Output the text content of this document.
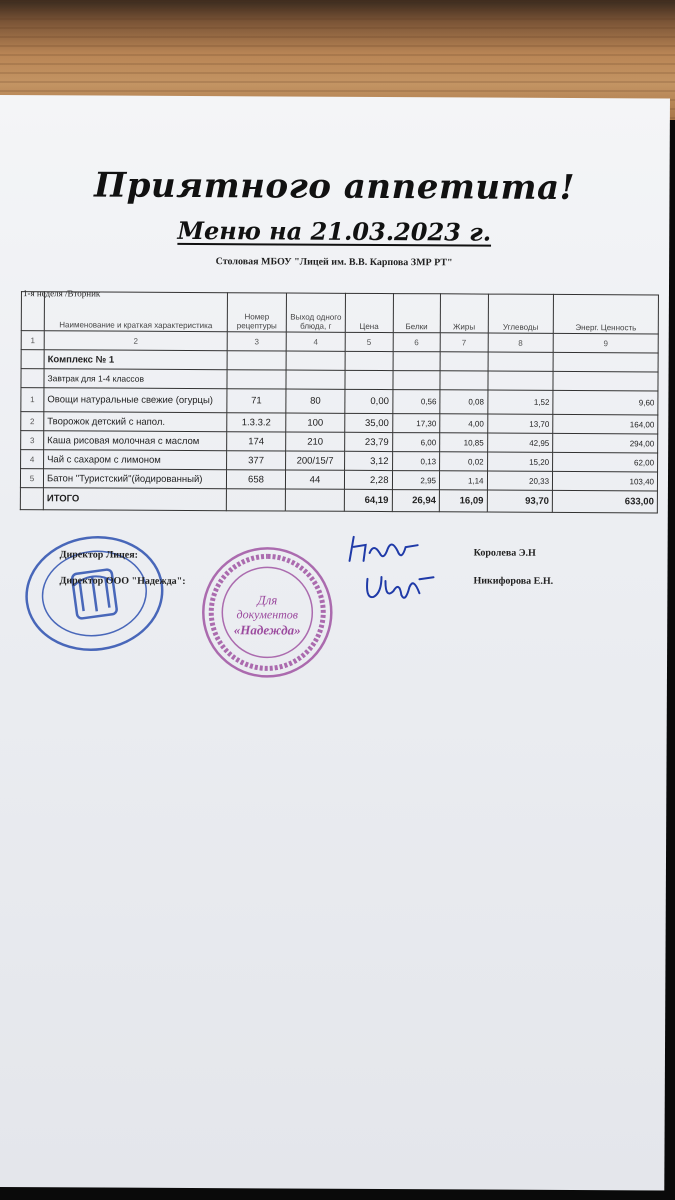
Приятного аппетита!
Меню на 21.03.2023 г.
Столовая МБОУ "Лицей им. В.В. Карпова ЗМР РТ"
1-я неделя /Вторник
	Наименование и краткая характеристика	Номер рецептуры	Выход одного блюда, г	Цена	Белки	Жиры	Углеводы	Энерг. Ценность
1	2	3	4	5	6	7	8	9
	Комплекс № 1							
	Завтрак для 1-4 классов							
1	Овощи натуральные свежие (огурцы)	71	80	0,00	0,56	0,08	1,52	9,60
2	Творожок детский с напол.	1.3.3.2	100	35,00	17,30	4,00	13,70	164,00
3	Каша рисовая молочная с маслом	174	210	23,79	6,00	10,85	42,95	294,00
4	Чай с сахаром с лимоном	377	200/15/7	3,12	0,13	0,02	15,20	62,00
5	Батон "Туристский"(йодированный)	658	44	2,28	2,95	1,14	20,33	103,40
	ИТОГО			64,19	26,94	16,09	93,70	633,00
Директор Лицея:
Директор ООО "Надежда":
Для
документов
«Надежда»
Королева Э.Н
Никифорова Е.Н.
